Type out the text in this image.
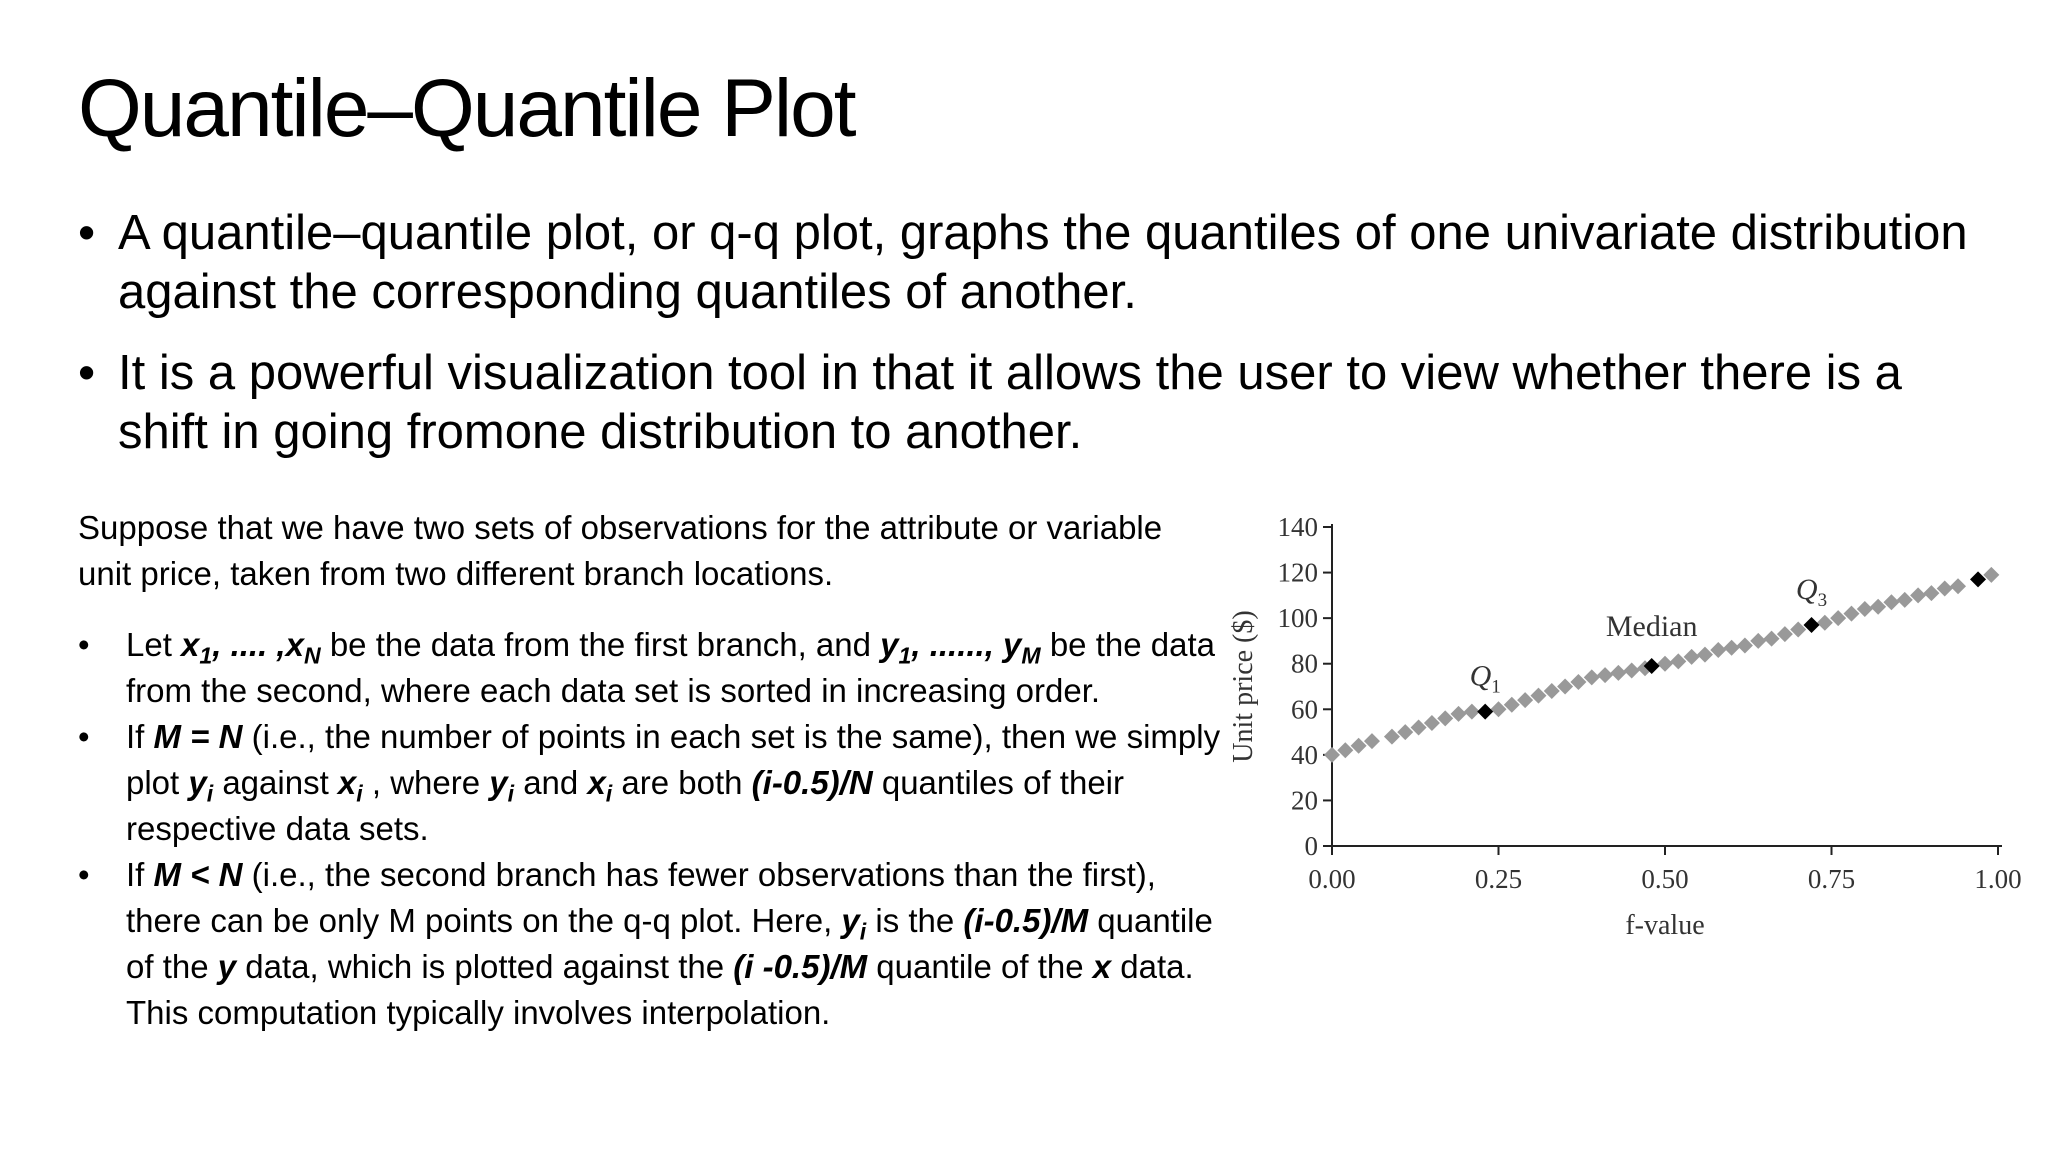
Quantile–Quantile Plot
• A quantile–quantile plot, or q-q plot, graphs the quantiles of one univariate distribution against the corresponding quantiles of another.
• It is a powerful visualization tool in that it allows the user to view whether there is a shift in going fromone distribution to another.
Suppose that we have two sets of observations for the attribute or variable unit price, taken from two different branch locations.
• Let $x_1$, .... $,x_N$ be the data from the first branch, and $y_1$, ......, $y_M$ be the data from the second, where each data set is sorted in increasing order.
• If M = N (i.e., the number of points in each set is the same), then we simply plot $y_i$ against $x_i$ , where $y_i$ and $x_i$ are both (i-0.5)/N quantiles of their respective data sets.
• If M < N (i.e., the second branch has fewer observations than the first), there can be only M points on the q-q plot. Here, $y_i$ is the (i-0.5)/M quantile of the y data, which is plotted against the (i -0.5)/M quantile of the x data. This computation typically involves interpolation.
0
20
40
60
80
100
120
140
0.00	0.25	0.50	0.75	1.00
f-value
Unit price ($)	$Q_1$
Median
$Q_3$
